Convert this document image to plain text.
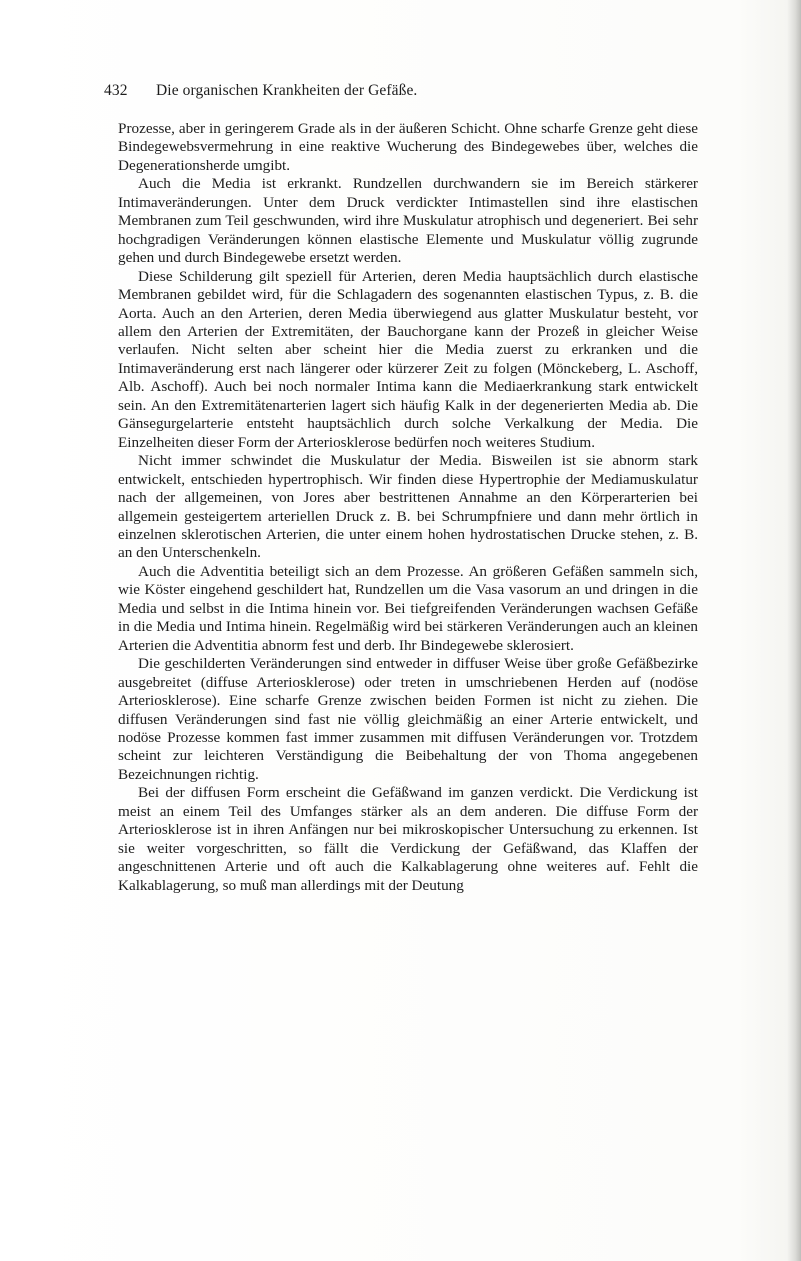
432 Die organischen Krankheiten der Gefäße.

Prozesse, aber in geringerem Grade als in der äußeren Schicht. Ohne scharfe Grenze geht diese Bindegewebsvermehrung in eine reaktive Wucherung des Bindegewebes über, welches die Degenerationsherde umgibt.

Auch die Media ist erkrankt. Rundzellen durchwandern sie im Bereich stärkerer Intimaveränderungen. Unter dem Druck verdickter Intimastellen sind ihre elastischen Membranen zum Teil geschwunden, wird ihre Muskulatur atrophisch und degeneriert. Bei sehr hochgradigen Veränderungen können elastische Elemente und Muskulatur völlig zugrunde gehen und durch Bindegewebe ersetzt werden.

Diese Schilderung gilt speziell für Arterien, deren Media hauptsächlich durch elastische Membranen gebildet wird, für die Schlagadern des sogenannten elastischen Typus, z. B. die Aorta. Auch an den Arterien, deren Media überwiegend aus glatter Muskulatur besteht, vor allem den Arterien der Extremitäten, der Bauchorgane kann der Prozeß in gleicher Weise verlaufen. Nicht selten aber scheint hier die Media zuerst zu erkranken und die Intimaveränderung erst nach längerer oder kürzerer Zeit zu folgen (Mönckeberg, L. Aschoff, Alb. Aschoff). Auch bei noch normaler Intima kann die Mediaerkrankung stark entwickelt sein. An den Extremitätenarterien lagert sich häufig Kalk in der degenerierten Media ab. Die Gänsegurgelarterie entsteht hauptsächlich durch solche Verkalkung der Media. Die Einzelheiten dieser Form der Arteriosklerose bedürfen noch weiteres Studium.

Nicht immer schwindet die Muskulatur der Media. Bisweilen ist sie abnorm stark entwickelt, entschieden hypertrophisch. Wir finden diese Hypertrophie der Mediamuskulatur nach der allgemeinen, von Jores aber bestrittenen Annahme an den Körperarterien bei allgemein gesteigertem arteriellen Druck z. B. bei Schrumpfniere und dann mehr örtlich in einzelnen sklerotischen Arterien, die unter einem hohen hydrostatischen Drucke stehen, z. B. an den Unterschenkeln.

Auch die Adventitia beteiligt sich an dem Prozesse. An größeren Gefäßen sammeln sich, wie Köster eingehend geschildert hat, Rundzellen um die Vasa vasorum an und dringen in die Media und selbst in die Intima hinein vor. Bei tiefgreifenden Veränderungen wachsen Gefäße in die Media und Intima hinein. Regelmäßig wird bei stärkeren Veränderungen auch an kleinen Arterien die Adventitia abnorm fest und derb. Ihr Bindegewebe sklerosiert.

Die geschilderten Veränderungen sind entweder in diffuser Weise über große Gefäßbezirke ausgebreitet (diffuse Arteriosklerose) oder treten in umschriebenen Herden auf (nodöse Arteriosklerose). Eine scharfe Grenze zwischen beiden Formen ist nicht zu ziehen. Die diffusen Veränderungen sind fast nie völlig gleichmäßig an einer Arterie entwickelt, und nodöse Prozesse kommen fast immer zusammen mit diffusen Veränderungen vor. Trotzdem scheint zur leichteren Verständigung die Beibehaltung der von Thoma angegebenen Bezeichnungen richtig.

Bei der diffusen Form erscheint die Gefäßwand im ganzen verdickt. Die Verdickung ist meist an einem Teil des Umfanges stärker als an dem anderen. Die diffuse Form der Arteriosklerose ist in ihren Anfängen nur bei mikroskopischer Untersuchung zu erkennen. Ist sie weiter vorgeschritten, so fällt die Verdickung der Gefäßwand, das Klaffen der angeschnittenen Arterie und oft auch die Kalkablagerung ohne weiteres auf. Fehlt die Kalkablagerung, so muß man allerdings mit der Deutung
